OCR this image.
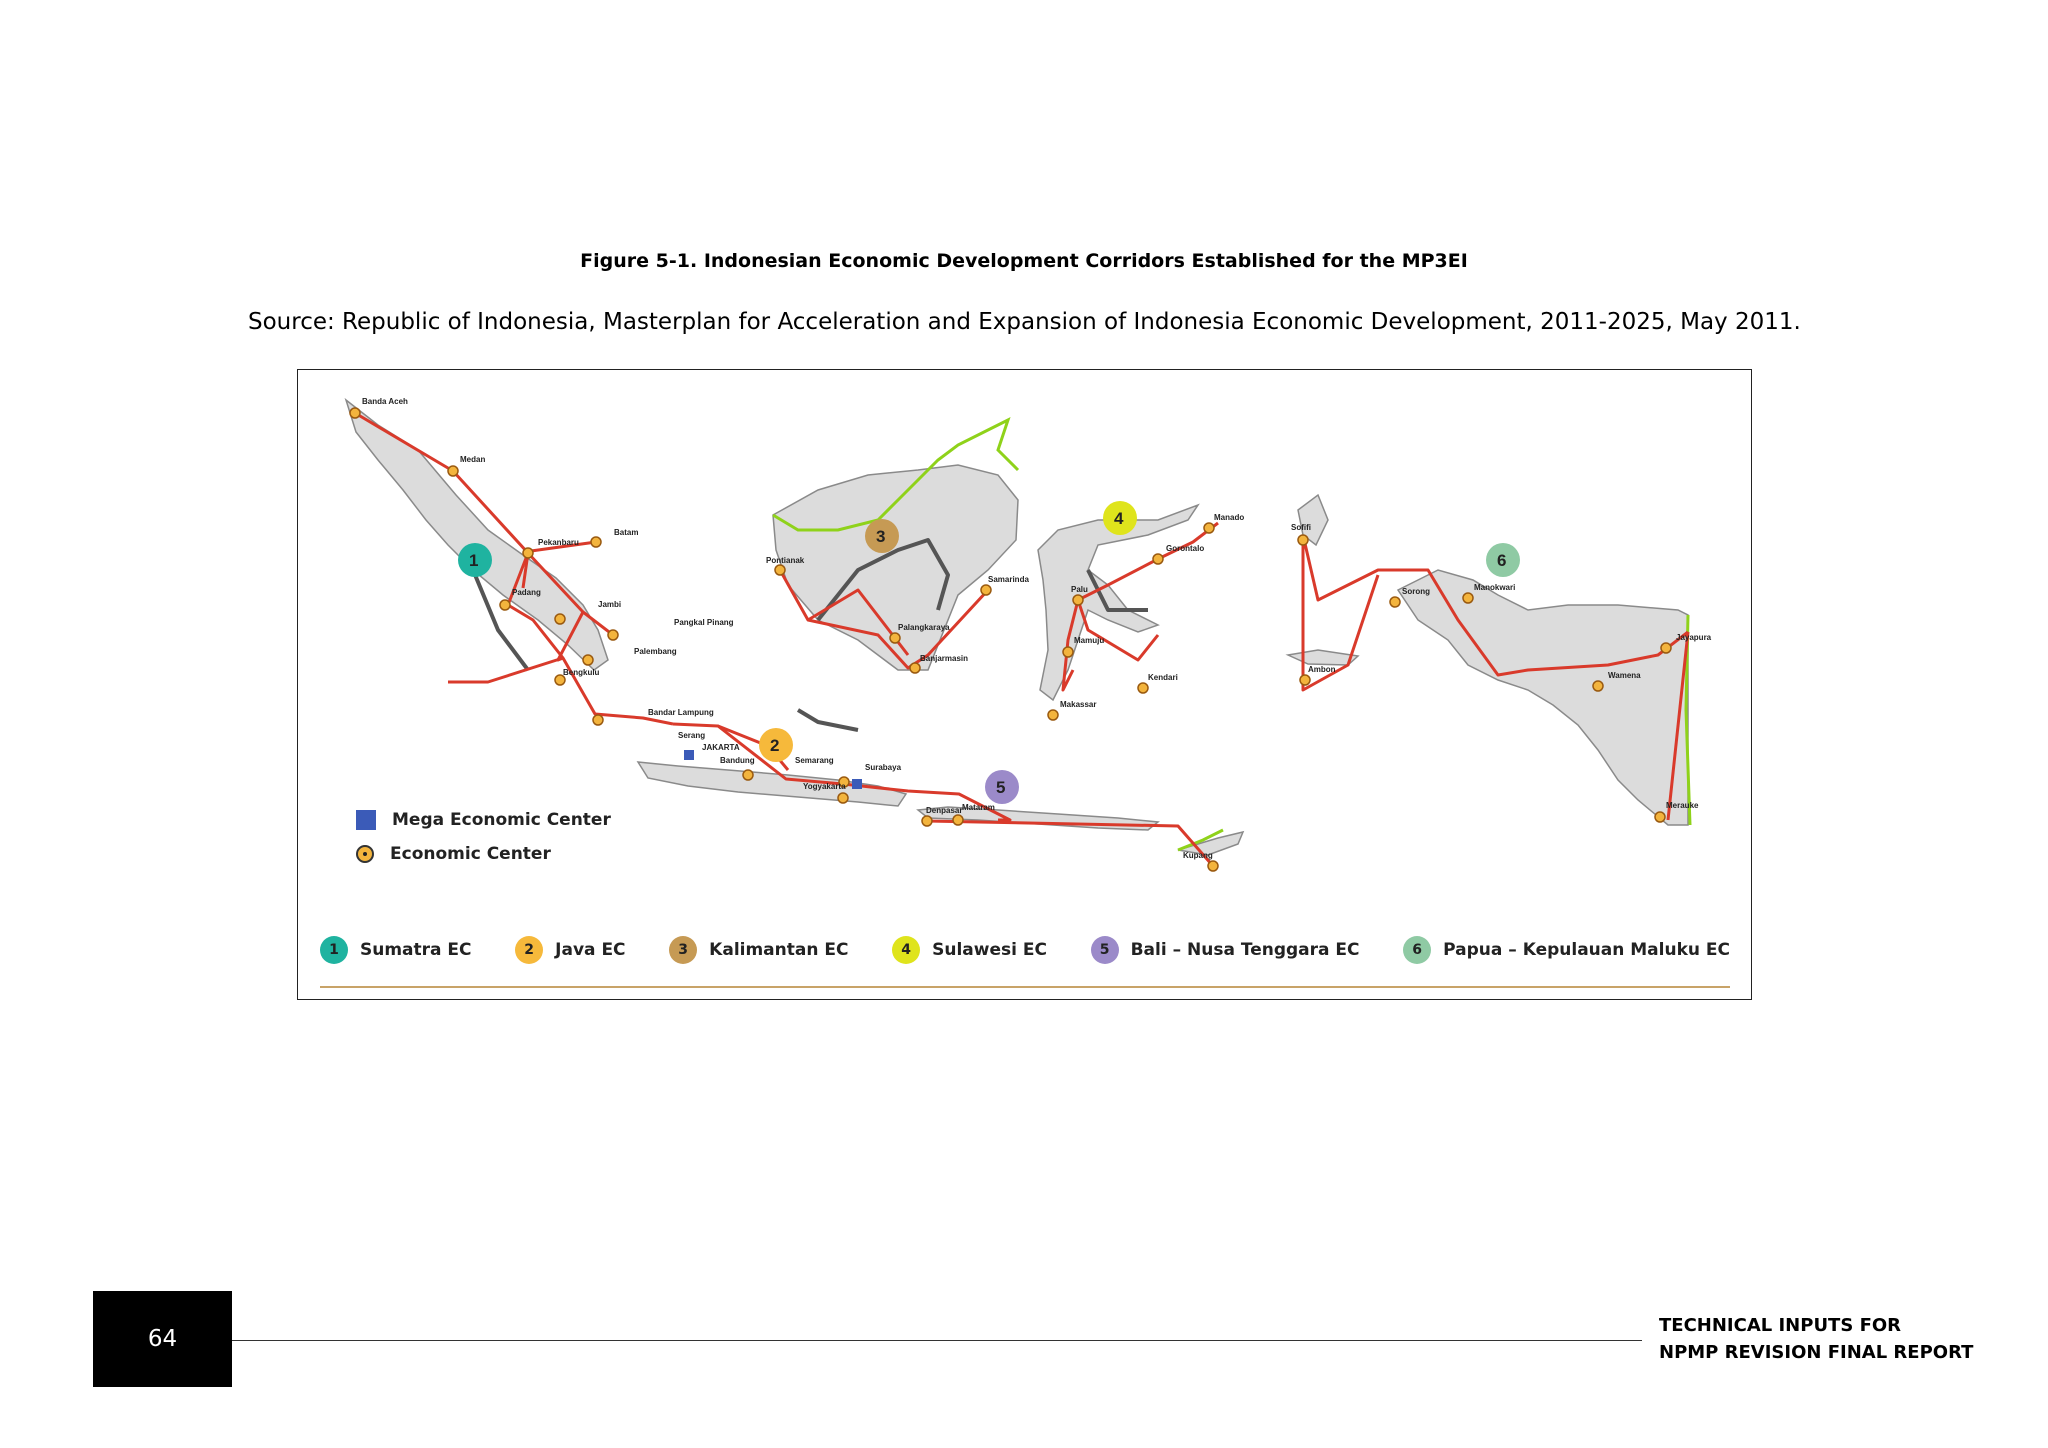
Figure 5-1. Indonesian Economic Development Corridors Established for the MP3EI
Source: Republic of Indonesia, Masterplan for Acceleration and Expansion of Indonesia Economic Development, 2011-2025, May 2011.
Banda Aceh
Medan
Pekanbaru
Batam
Padang
Jambi
Pangkal Pinang
Palembang
Bengkulu
Bandar Lampung
Serang
JAKARTA
Bandung	Semarang
Surabaya
Yogyakarta
Denpasar Mataram
Kupang
Pontianak
Palangkaraya
Banjarmasin
Samarinda
Palu
Mamuju
Makassar
Kendari
Gorontalo
Manado
Sofifi
Ambon
Sorong	Manokwari
Jayapura
Wamena
Merauke
1
2
3
4
5
6
Mega Economic Center
Economic Center
1	Sumatra EC	2	Java EC	3	Kalimantan EC	4	Sulawesi EC	5	Bali – Nusa Tenggara EC	6	Papua – Kepulauan Maluku EC
64
TECHNICAL INPUTS FOR
NPMP REVISION FINAL REPORT
